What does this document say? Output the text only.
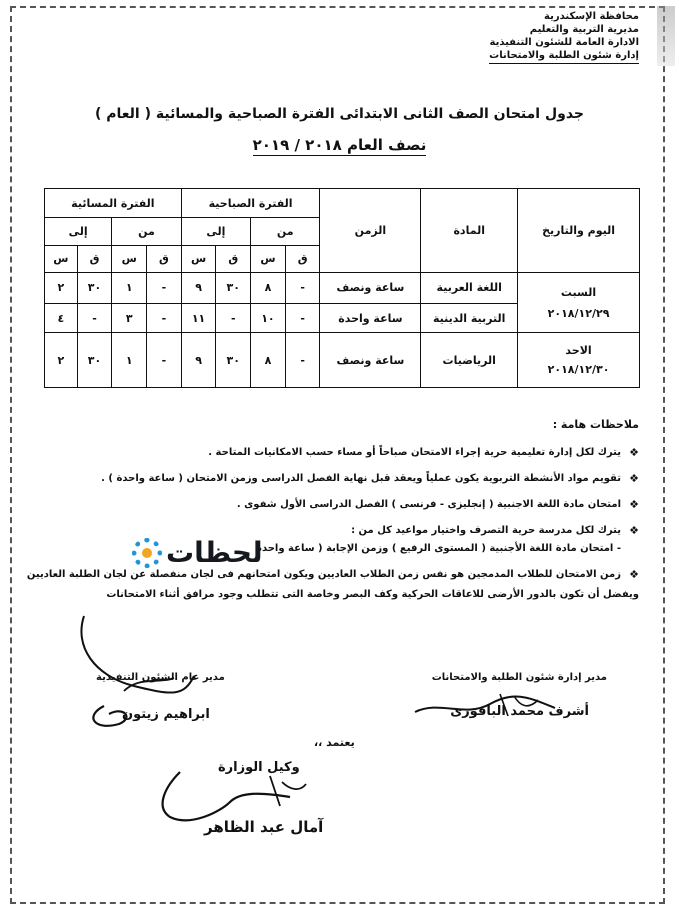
محافظة الإسكندرية
مديرية التربية والتعليم
الادارة العامة للشئون التنفيذية
إدارة شئون الطلبة والامتحانات
جدول امتحان الصف الثانى الابتدائى الفترة الصباحية والمسائية ( العام )
نصف العام ٢٠١٨ / ٢٠١٩
اليوم والتاريخ	المادة	الزمن	الفترة الصباحية				الفترة المسائية			
			من		إلى		من		إلى	
			ق	س	ق	س	ق	س	ق	س

السبت
٢٠١٨/١٢/٢٩	اللغة العربية	ساعة ونصف	-	٨	٣٠	٩	-	١	٣٠	٢
	التربية الدينية	ساعة واحدة	-	١٠	-	١١	-	٣	-	٤

الاحد
٢٠١٨/١٢/٣٠	الرياضيات	ساعة ونصف	-	٨	٣٠	٩	-	١	٣٠	٢
ملاحظات هامة :
❖
يترك لكل إدارة تعليمية حرية إجراء الامتحان صباحاً أو مساء حسب الامكانيات المتاحة .
❖
تقويم مواد الأنشطة التربوية يكون عملياً ويعقد قبل نهاية الفصل الدراسى وزمن الامتحان ( ساعة واحدة ) .
❖
امتحان مادة اللغة الاجنبية ( إنجليزى - فرنسى ) الفصل الدراسى الأول شفوى .
❖
يترك لكل مدرسة حرية التصرف واختيار مواعيد كل من :
- امتحان مادة اللغة الأجنبية ( المستوى الرفيع ) وزمن الإجابة ( ساعة واحدة
❖
زمن الامتحان للطلاب المدمجين هو نفس زمن الطلاب العاديين ويكون امتحانهم فى لجان منفصلة عن لجان الطلبة العاديين
ويفضل أن تكون بالدور الأرضى للاعاقات الحركية وكف البصر وخاصة التى تتطلب وجود مرافق أثناء الامتحانات
لحظات
مدير إدارة شئون الطلبة والامتحانات
أشرف محمد الباقورى
مدير عام الشئون التنفيذية
ابراهيم زيتون
يعتمد ،،
وكيل الوزارة
آمال عبد الظاهر
